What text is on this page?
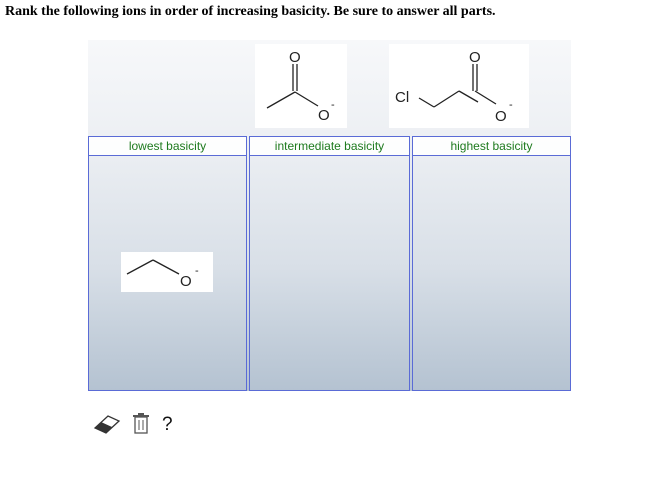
Rank the following ions in order of increasing basicity. Be sure to answer all parts.
O
O
-	Cl
O
O
-
lowest basicity	intermediate basicity	highest basicity
O
-
?
